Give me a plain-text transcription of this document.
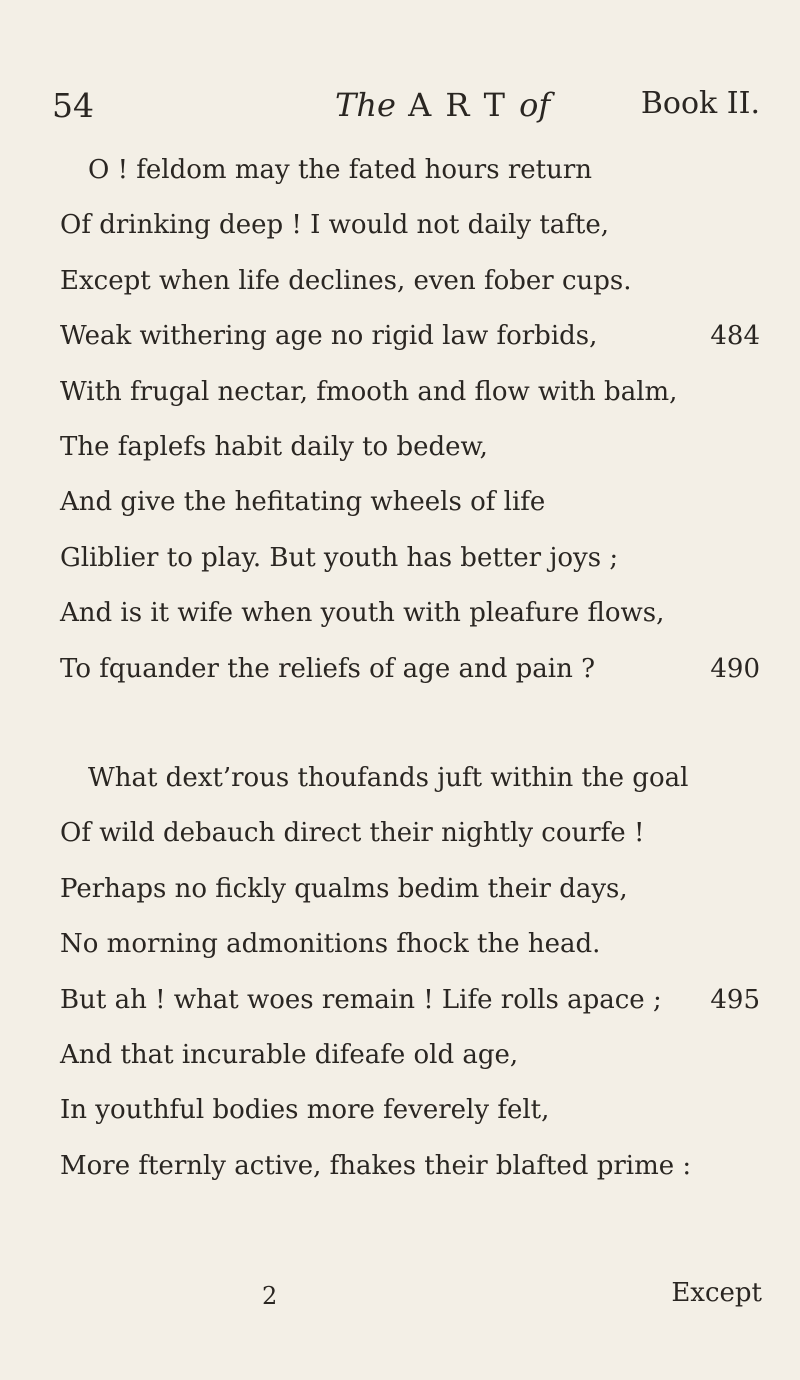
54	The A R T of	Book II.
O ! feldom may the fated hours return
Of drinking deep ! I would not daily tafte,
Except when life declines, even fober cups.
Weak withering age no rigid law forbids,	484
With frugal nectar, fmooth and flow with balm,
The faplefs habit daily to bedew,
And give the hefitating wheels of life
Gliblier to play. But youth has better joys ;
And is it wife when youth with pleafure flows,
To fquander the reliefs of age and pain ?	490
What dext’rous thoufands juft within the goal
Of wild debauch direct their nightly courfe !
Perhaps no fickly qualms bedim their days,
No morning admonitions fhock the head.
But ah ! what woes remain ! Life rolls apace ; 495
And that incurable difeafe old age,
In youthful bodies more feverely felt,
More fternly active, fhakes their blafted prime :
2	Except
